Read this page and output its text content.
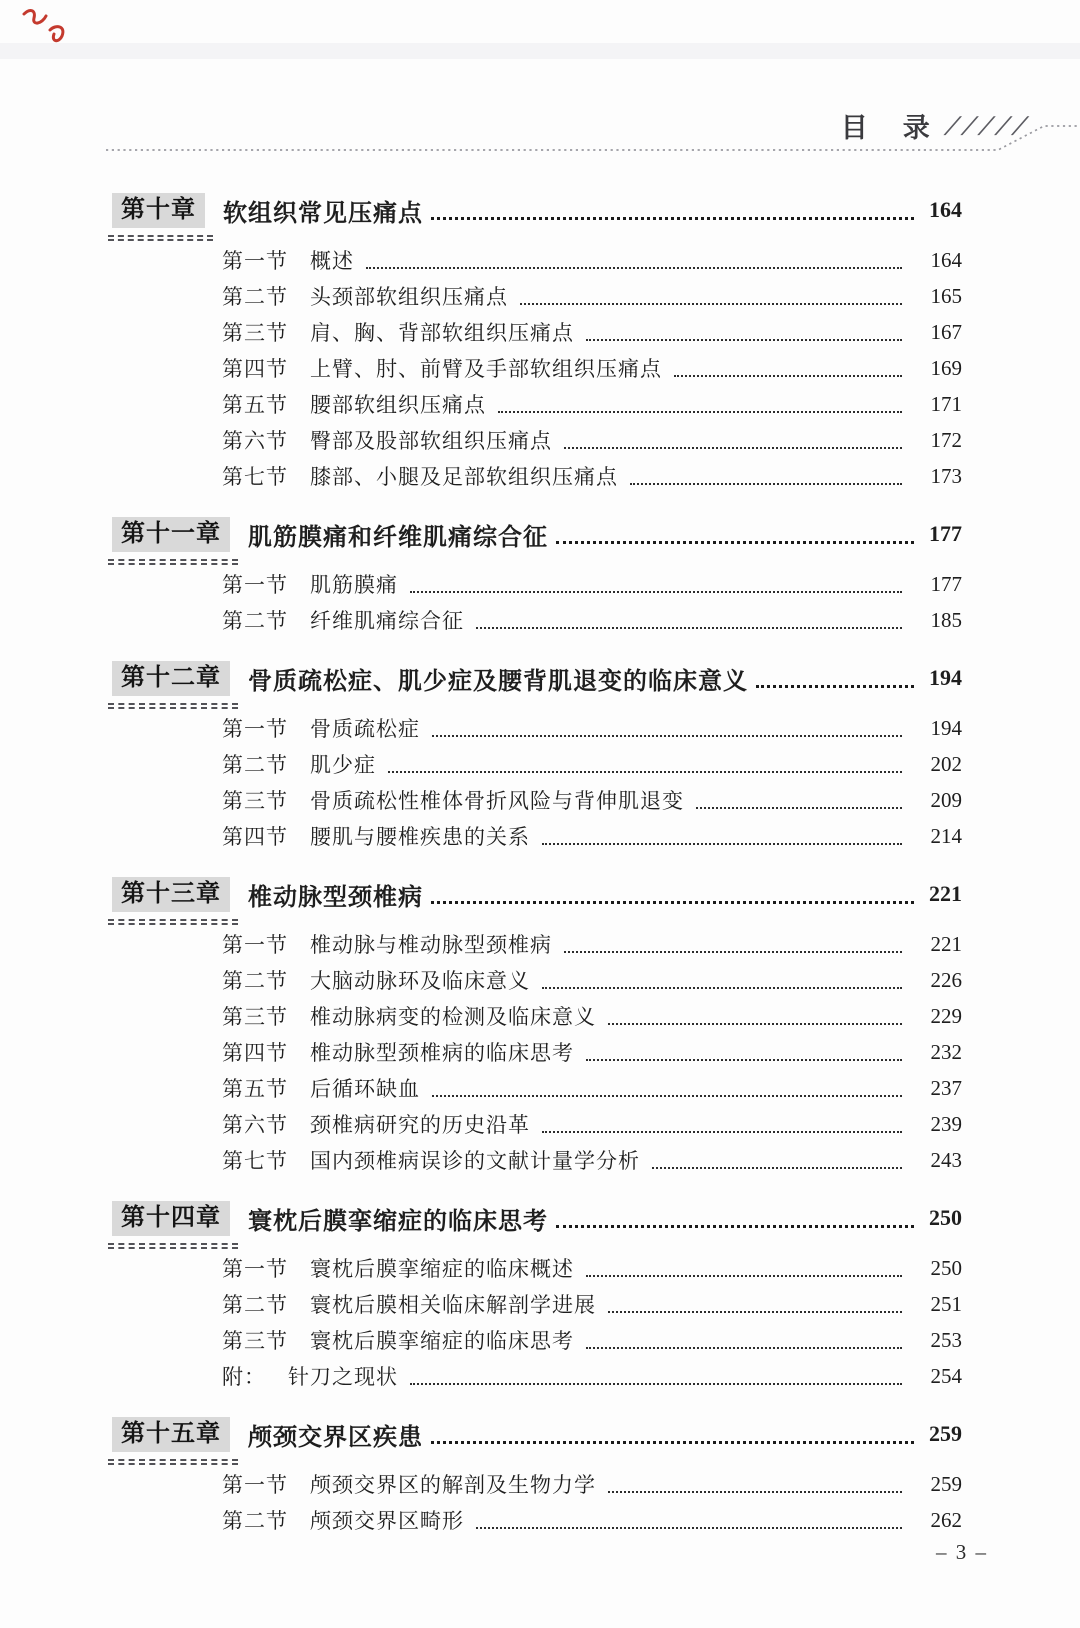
目　录 /////
第十章	软组织常见压痛点	164
第一节 概述	164
第二节 头颈部软组织压痛点	165
第三节 肩、胸、背部软组织压痛点	167
第四节 上臂、肘、前臂及手部软组织压痛点	169
第五节 腰部软组织压痛点	171
第六节 臀部及股部软组织压痛点	172
第七节 膝部、小腿及足部软组织压痛点	173
第十一章	肌筋膜痛和纤维肌痛综合征	177
第一节 肌筋膜痛	177
第二节 纤维肌痛综合征	185
第十二章	骨质疏松症、肌少症及腰背肌退变的临床意义	194
第一节 骨质疏松症	194
第二节 肌少症	202
第三节 骨质疏松性椎体骨折风险与背伸肌退变	209
第四节 腰肌与腰椎疾患的关系	214
第十三章	椎动脉型颈椎病	221
第一节 椎动脉与椎动脉型颈椎病	221
第二节 大脑动脉环及临床意义	226
第三节 椎动脉病变的检测及临床意义	229
第四节 椎动脉型颈椎病的临床思考	232
第五节 后循环缺血	237
第六节 颈椎病研究的历史沿革	239
第七节 国内颈椎病误诊的文献计量学分析	243
第十四章	寰枕后膜挛缩症的临床思考	250
第一节 寰枕后膜挛缩症的临床概述	250
第二节 寰枕后膜相关临床解剖学进展	251
第三节 寰枕后膜挛缩症的临床思考	253
附： 针刀之现状	254
第十五章	颅颈交界区疾患	259
第一节 颅颈交界区的解剖及生物力学	259
第二节 颅颈交界区畸形	262
– 3 –
